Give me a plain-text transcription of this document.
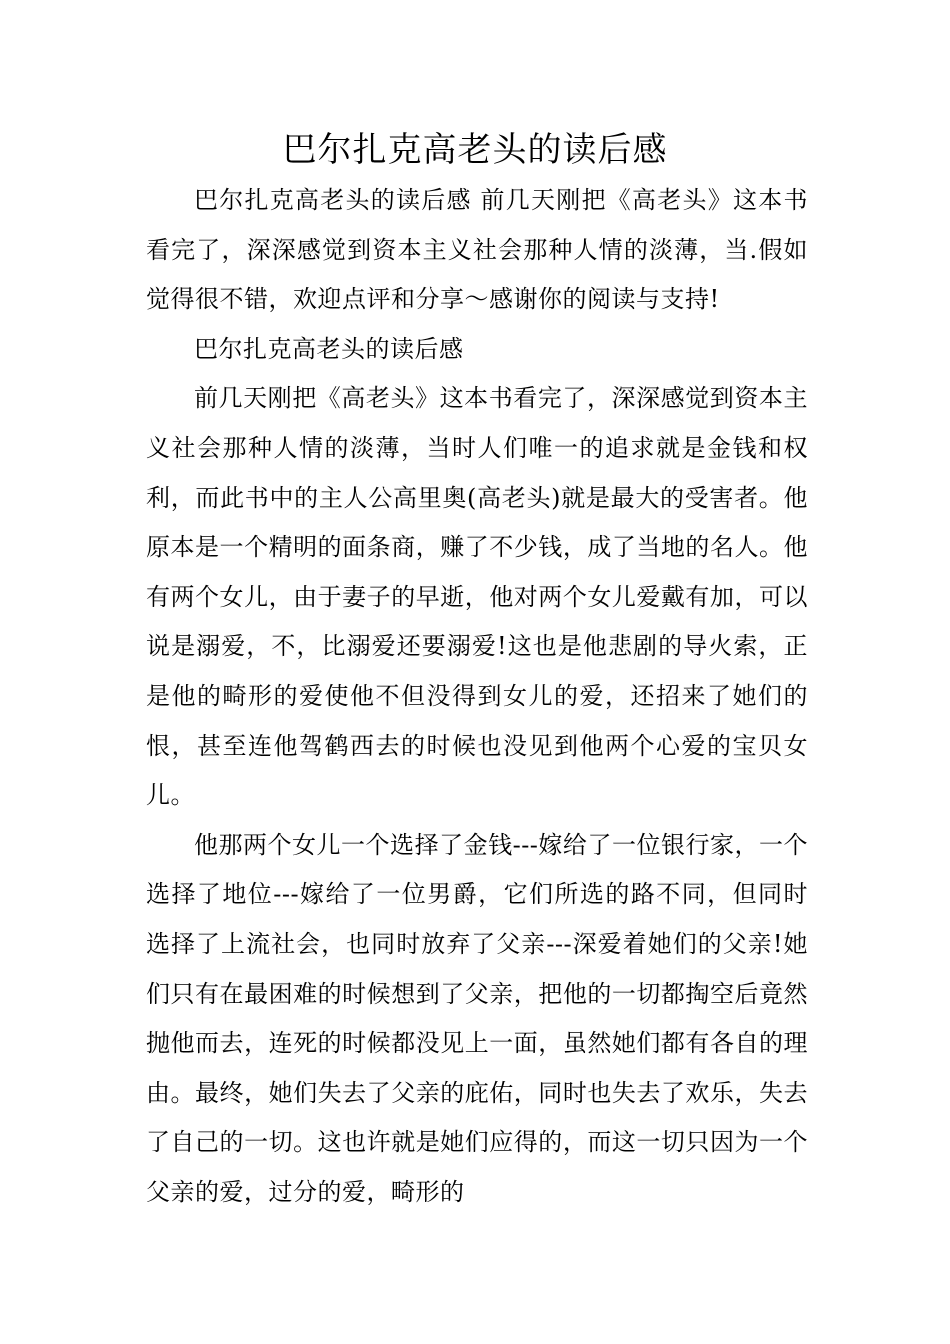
巴尔扎克高老头的读后感

巴尔扎克高老头的读后感 前几天刚把《高老头》这本书看完了，深深感觉到资本主义社会那种人情的淡薄，当.假如觉得很不错，欢迎点评和分享～感谢你的阅读与支持!

巴尔扎克高老头的读后感

前几天刚把《高老头》这本书看完了，深深感觉到资本主义社会那种人情的淡薄，当时人们唯一的追求就是金钱和权利，而此书中的主人公高里奥(高老头)就是最大的受害者。他原本是一个精明的面条商，赚了不少钱，成了当地的名人。他有两个女儿，由于妻子的早逝，他对两个女儿爱戴有加，可以说是溺爱，不，比溺爱还要溺爱!这也是他悲剧的导火索，正是他的畸形的爱使他不但没得到女儿的爱，还招来了她们的恨，甚至连他驾鹤西去的时候也没见到他两个心爱的宝贝女儿。

他那两个女儿一个选择了金钱---嫁给了一位银行家，一个选择了地位---嫁给了一位男爵，它们所选的路不同，但同时选择了上流社会，也同时放弃了父亲---深爱着她们的父亲!她们只有在最困难的时候想到了父亲，把他的一切都掏空后竟然抛他而去，连死的时候都没见上一面，虽然她们都有各自的理由。最终，她们失去了父亲的庇佑，同时也失去了欢乐，失去了自己的一切。这也许就是她们应得的，而这一切只因为一个父亲的爱，过分的爱，畸形的
